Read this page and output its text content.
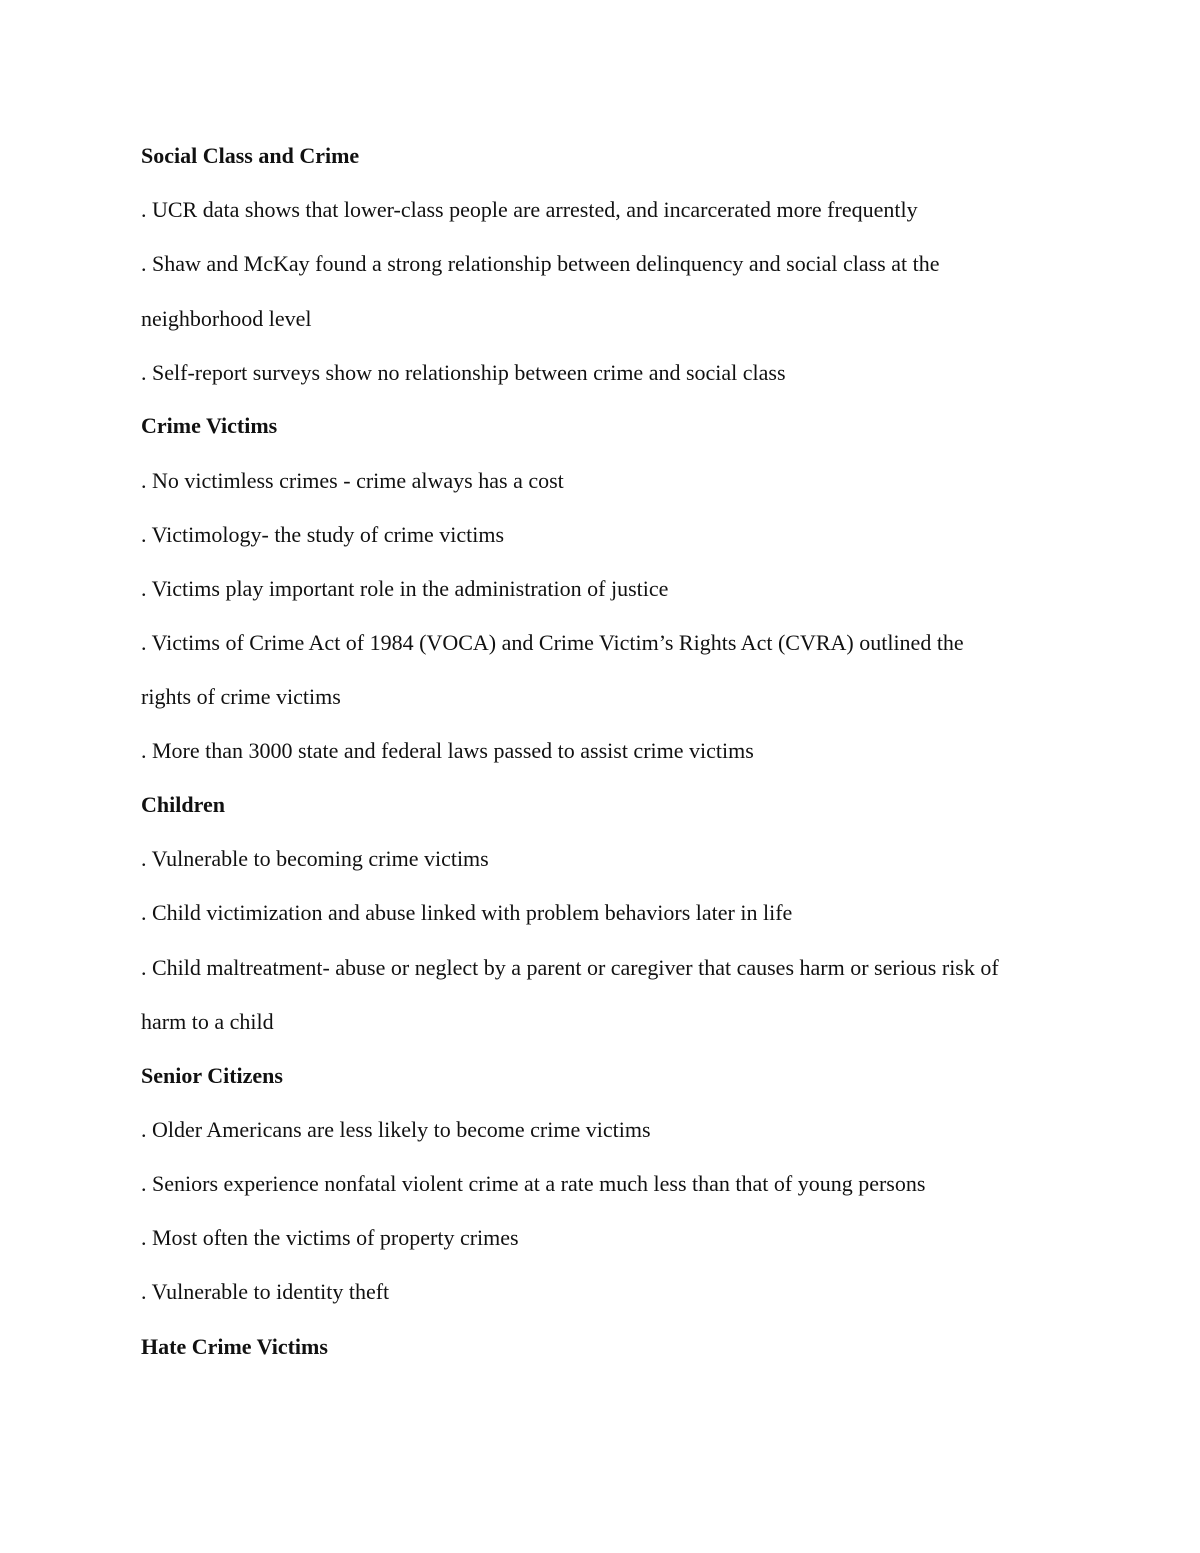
Social Class and Crime
. UCR data shows that lower-class people are arrested, and incarcerated more frequently
. Shaw and McKay found a strong relationship between delinquency and social class at the
neighborhood level
. Self-report surveys show no relationship between crime and social class
Crime Victims
. No victimless crimes - crime always has a cost
. Victimology- the study of crime victims
. Victims play important role in the administration of justice
. Victims of Crime Act of 1984 (VOCA) and Crime Victim’s Rights Act (CVRA) outlined the
rights of crime victims
. More than 3000 state and federal laws passed to assist crime victims
Children
. Vulnerable to becoming crime victims
. Child victimization and abuse linked with problem behaviors later in life
. Child maltreatment- abuse or neglect by a parent or caregiver that causes harm or serious risk of
harm to a child
Senior Citizens
. Older Americans are less likely to become crime victims
. Seniors experience nonfatal violent crime at a rate much less than that of young persons
. Most often the victims of property crimes
. Vulnerable to identity theft
Hate Crime Victims
